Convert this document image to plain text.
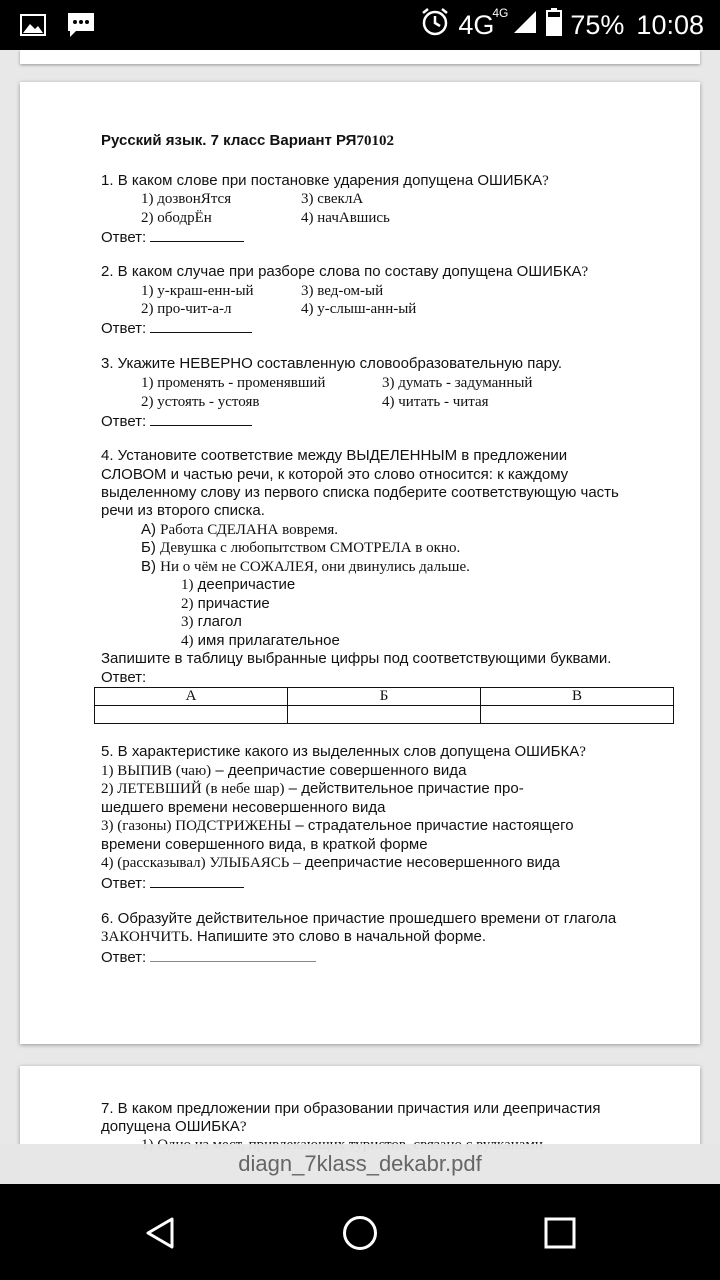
4G
4G 75% 10:08
Русский язык. 7 класс Вариант РЯ70102
1. В каком слове при постановке ударения допущена ОШИБКА?
1) дозвонЯтся	3) свеклА
2) ободрЁн	4) начАвшись
Ответ:
2. В каком случае при разборе слова по составу допущена ОШИБКА?
1) у-краш-енн-ый	3) вед-ом-ый
2) про-чит-а-л	4) у-слыш-анн-ый
Ответ:
3. Укажите НЕВЕРНО составленную словообразовательную пару.
1) променять - променявший	3) думать - задуманный
2) устоять - устояв	4) читать - читая
Ответ:
4. Установите соответствие между ВЫДЕЛЕННЫМ в предложении
СЛОВОМ и частью речи, к которой это слово относится: к каждому
выделенному слову из первого списка подберите соответствующую часть
речи из второго списка.
А) Работа СДЕЛАНА вовремя.
Б) Девушка с любопытством СМОТРЕЛА в окно.
В) Ни о чём не СОЖАЛЕЯ, они двинулись дальше.
1) деепричастие
2) причастие
3) глагол
4) имя прилагательное
Запишите в таблицу выбранные цифры под соответствующими буквами.
Ответ:
А	Б	В

5. В характеристике какого из выделенных слов допущена ОШИБКА?
1) ВЫПИВ (чаю) – деепричастие совершенного вида
2) ЛЕТЕВШИЙ (в небе шар) – действительное причастие про-
шедшего времени несовершенного вида
3) (газоны) ПОДСТРИЖЕНЫ – страдательное причастие настоящего
времени совершенного вида, в краткой форме
4) (рассказывал) УЛЫБАЯСЬ – деепричастие несовершенного вида
Ответ:
6. Образуйте действительное причастие прошедшего времени от глагола
ЗАКОНЧИТЬ. Напишите это слово в начальной форме.
Ответ:
7. В каком предложении при образовании причастия или деепричастия
допущена ОШИБКА?
diagn_7klass_dekabr.pdf
